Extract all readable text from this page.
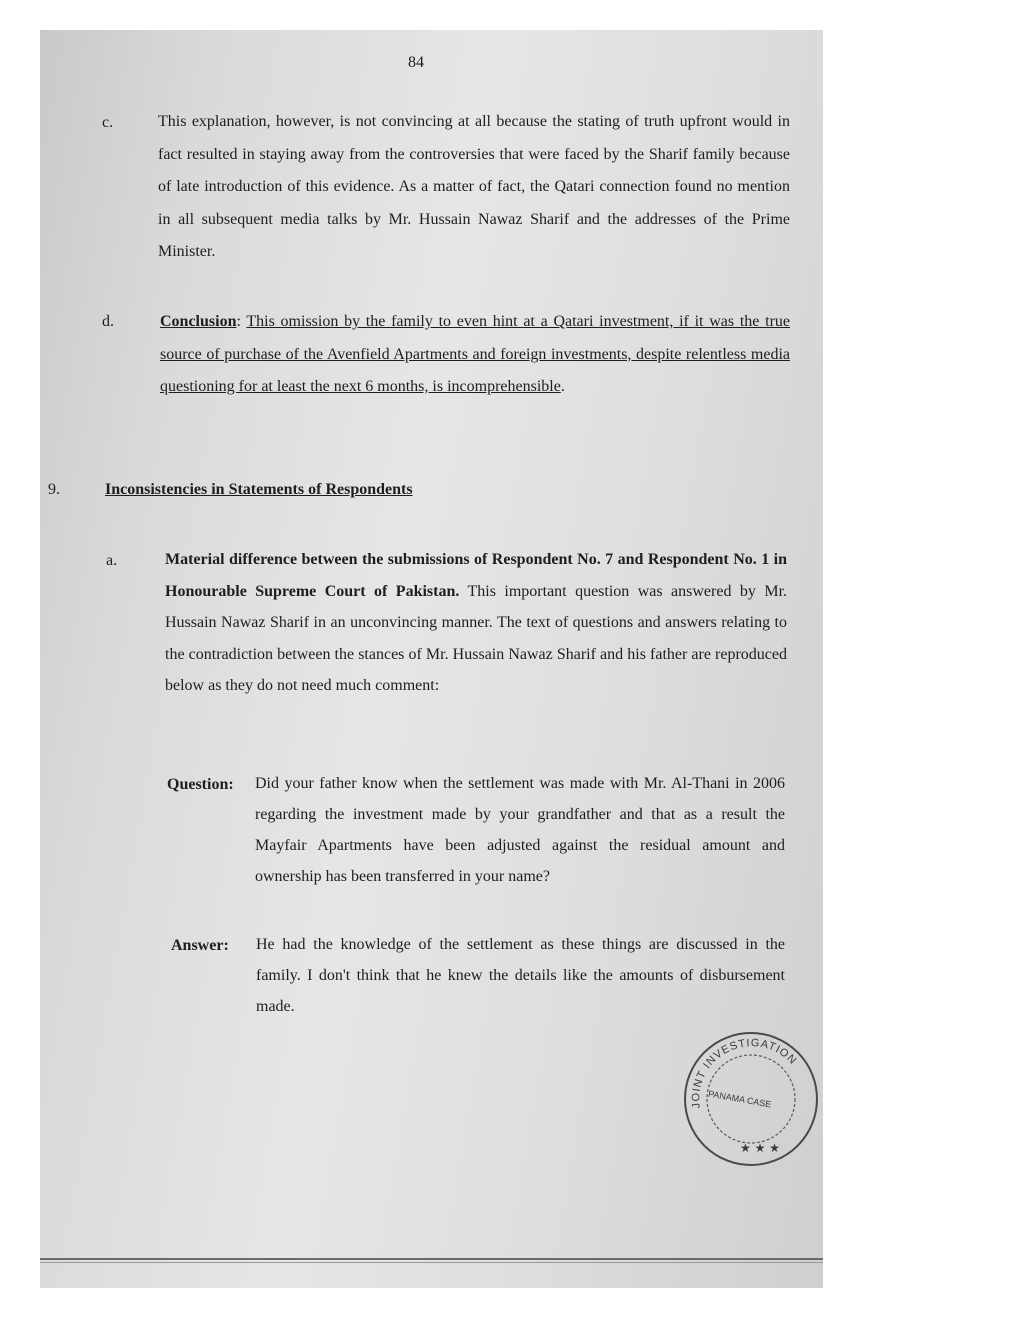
84
c.	This explanation, however, is not convincing at all because the stating of truth upfront would in fact resulted in staying away from the controversies that were faced by the Sharif family because of late introduction of this evidence. As a matter of fact, the Qatari connection found no mention in all subsequent media talks by Mr. Hussain Nawaz Sharif and the addresses of the Prime Minister.
d.	Conclusion: This omission by the family to even hint at a Qatari investment, if it was the true source of purchase of the Avenfield Apartments and foreign investments, despite relentless media questioning for at least the next 6 months, is incomprehensible.
9.	Inconsistencies in Statements of Respondents
a.	Material difference between the submissions of Respondent No. 7 and Respondent No. 1 in Honourable Supreme Court of Pakistan. This important question was answered by Mr. Hussain Nawaz Sharif in an unconvincing manner. The text of questions and answers relating to the contradiction between the stances of Mr. Hussain Nawaz Sharif and his father are reproduced below as they do not need much comment:
Question: Did your father know when the settlement was made with Mr. Al-Thani in 2006 regarding the investment made by your grandfather and that as a result the Mayfair Apartments have been adjusted against the residual amount and ownership has been transferred in your name?
Answer: He had the knowledge of the settlement as these things are discussed in the family. I don't think that he knew the details like the amounts of disbursement made.
JOINT INVESTIGATION
PANAMA CASE
★ ★ ★
